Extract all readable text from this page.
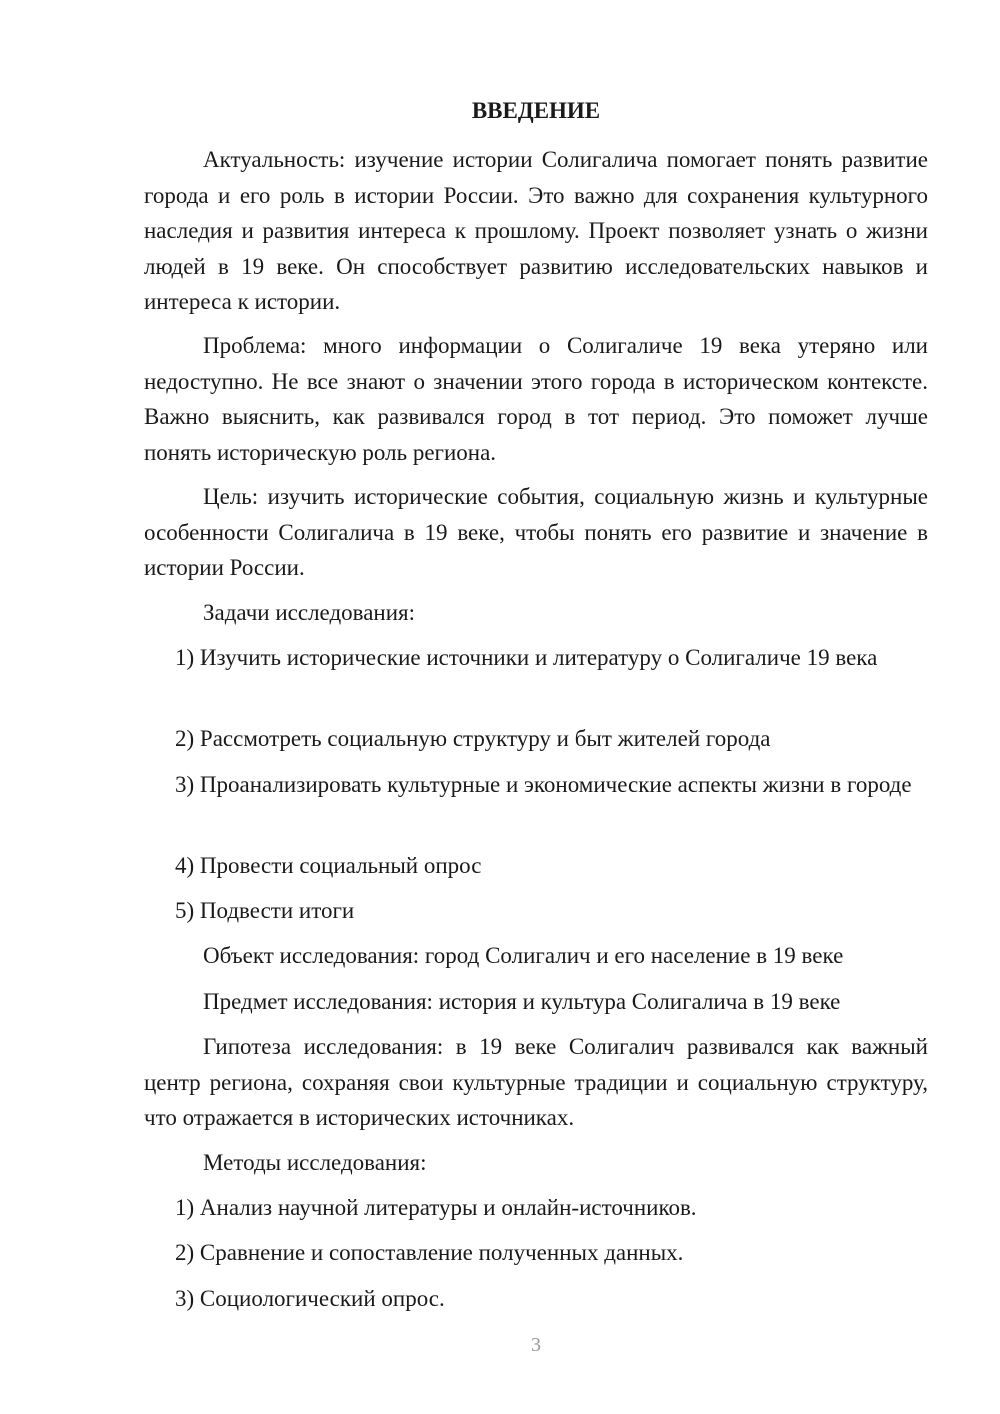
ВВЕДЕНИЕ

Актуальность: изучение истории Солигалича помогает понять развитие города и его роль в истории России. Это важно для сохранения культурного наследия и развития интереса к прошлому. Проект позволяет узнать о жизни людей в 19 веке. Он способствует развитию исследовательских навыков и интереса к истории.

Проблема: много информации о Солигаличе 19 века утеряно или недоступно. Не все знают о значении этого города в историческом контексте. Важно выяснить, как развивался город в тот период. Это поможет лучше понять историческую роль региона.

Цель: изучить исторические события, социальную жизнь и культурные особенности Солигалича в 19 веке, чтобы понять его развитие и значение в истории России.

Задачи исследования:

1) Изучить исторические источники и литературу о Солигаличе 19 века

2) Рассмотреть социальную структуру и быт жителей города

3) Проанализировать культурные и экономические аспекты жизни в городе

4) Провести социальный опрос

5) Подвести итоги

Объект исследования: город Солигалич и его население в 19 веке

Предмет исследования: история и культура Солигалича в 19 веке

Гипотеза исследования: в 19 веке Солигалич развивался как важный центр региона, сохраняя свои культурные традиции и социальную структуру, что отражается в исторических источниках.

Методы исследования:

1) Анализ научной литературы и онлайн-источников.

2) Сравнение и сопоставление полученных данных.

3) Социологический опрос.

3
